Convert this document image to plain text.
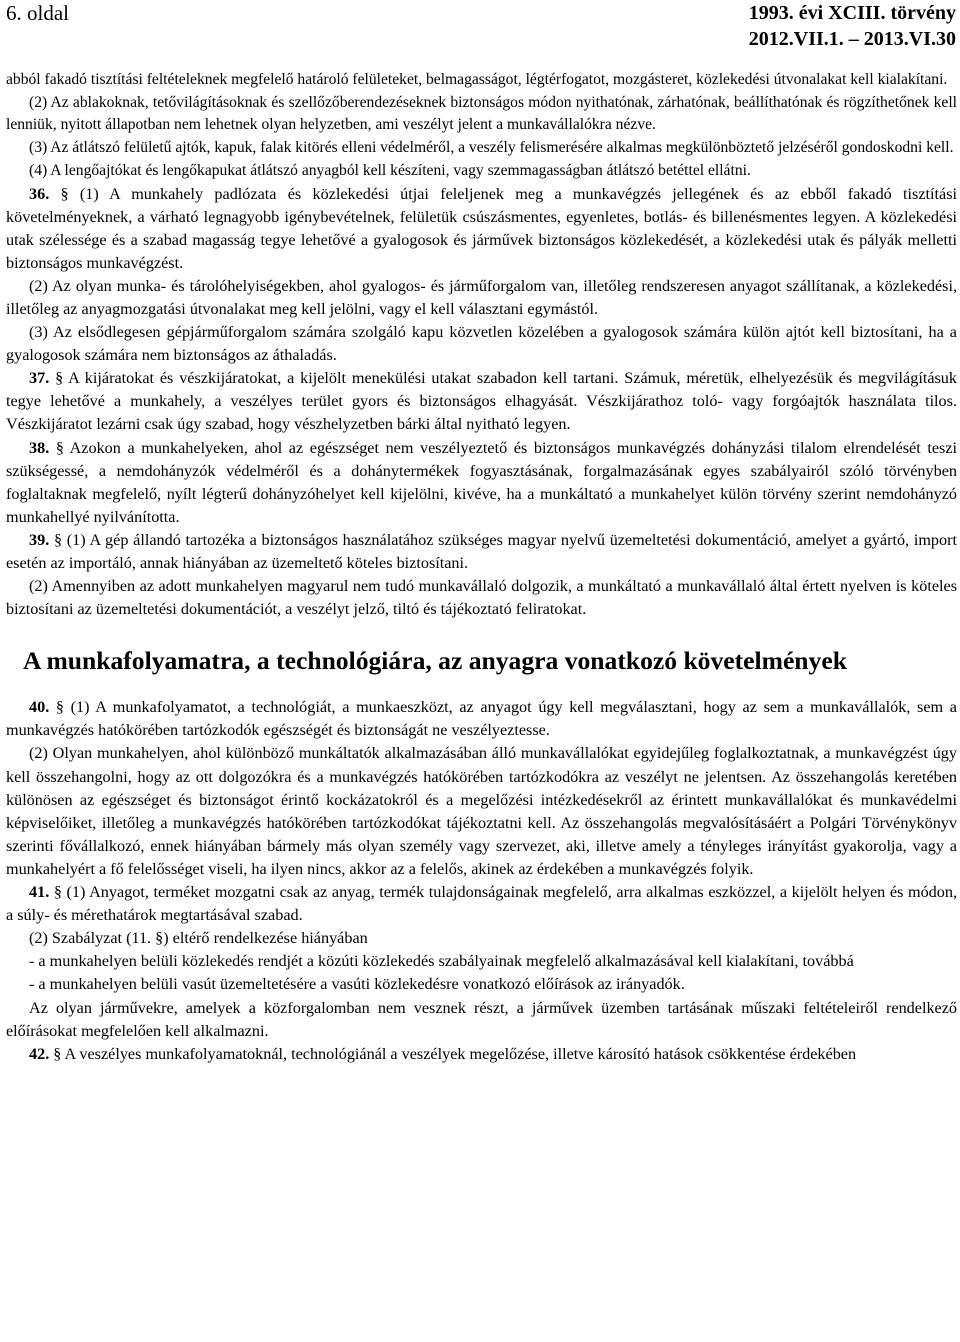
6. oldal	1993. évi XCIII. törvény
2012.VII.1. – 2013.VI.30

abból fakadó tisztítási feltételeknek megfelelő határoló felületeket, belmagasságot, légtérfogatot, mozgásteret, közlekedési útvonalakat kell kialakítani.

(2) Az ablakoknak, tetővilágításoknak és szellőzőberendezéseknek biztonságos módon nyithatónak, zárhatónak, beállíthatónak és rögzíthetőnek kell lenniük, nyitott állapotban nem lehetnek olyan helyzetben, ami veszélyt jelent a munkavállalókra nézve.

(3) Az átlátszó felületű ajtók, kapuk, falak kitörés elleni védelméről, a veszély felismerésére alkalmas megkülönböztető jelzéséről gondoskodni kell.

(4) A lengőajtókat és lengőkapukat átlátszó anyagból kell készíteni, vagy szemmagasságban átlátszó betéttel ellátni.

36. § (1) A munkahely padlózata és közlekedési útjai feleljenek meg a munkavégzés jellegének és az ebből fakadó tisztítási követelményeknek, a várható legnagyobb igénybevételnek, felületük csúszásmentes, egyenletes, botlás- és billenésmentes legyen. A közlekedési utak szélessége és a szabad magasság tegye lehetővé a gyalogosok és járművek biztonságos közlekedését, a közlekedési utak és pályák melletti biztonságos munkavégzést.

(2) Az olyan munka- és tárolóhelyiségekben, ahol gyalogos- és járműforgalom van, illetőleg rendszeresen anyagot szállítanak, a közlekedési, illetőleg az anyagmozgatási útvonalakat meg kell jelölni, vagy el kell választani egymástól.

(3) Az elsődlegesen gépjárműforgalom számára szolgáló kapu közvetlen közelében a gyalogosok számára külön ajtót kell biztosítani, ha a gyalogosok számára nem biztonságos az áthaladás.

37. § A kijáratokat és vészkijáratokat, a kijelölt menekülési utakat szabadon kell tartani. Számuk, méretük, elhelyezésük és megvilágításuk tegye lehetővé a munkahely, a veszélyes terület gyors és biztonságos elhagyását. Vészkijárathoz toló- vagy forgóajtók használata tilos. Vészkijáratot lezárni csak úgy szabad, hogy vészhelyzetben bárki által nyitható legyen.

38. § Azokon a munkahelyeken, ahol az egészséget nem veszélyeztető és biztonságos munkavégzés dohányzási tilalom elrendelését teszi szükségessé, a nemdohányzók védelméről és a dohánytermékek fogyasztásának, forgalmazásának egyes szabályairól szóló törvényben foglaltaknak megfelelő, nyílt légterű dohányzóhelyet kell kijelölni, kivéve, ha a munkáltató a munkahelyet külön törvény szerint nemdohányzó munkahellyé nyilvánította.

39. § (1) A gép állandó tartozéka a biztonságos használatához szükséges magyar nyelvű üzemeltetési dokumentáció, amelyet a gyártó, import esetén az importáló, annak hiányában az üzemeltető köteles biztosítani.

(2) Amennyiben az adott munkahelyen magyarul nem tudó munkavállaló dolgozik, a munkáltató a munkavállaló által értett nyelven is köteles biztosítani az üzemeltetési dokumentációt, a veszélyt jelző, tiltó és tájékoztató feliratokat.

A munkafolyamatra, a technológiára, az anyagra vonatkozó követelmények

40. § (1) A munkafolyamatot, a technológiát, a munkaeszközt, az anyagot úgy kell megválasztani, hogy az sem a munkavállalók, sem a munkavégzés hatókörében tartózkodók egészségét és biztonságát ne veszélyeztesse.

(2) Olyan munkahelyen, ahol különböző munkáltatók alkalmazásában álló munkavállalókat egyidejűleg foglalkoztatnak, a munkavégzést úgy kell összehangolni, hogy az ott dolgozókra és a munkavégzés hatókörében tartózkodókra az veszélyt ne jelentsen. Az összehangolás keretében különösen az egészséget és biztonságot érintő kockázatokról és a megelőzési intézkedésekről az érintett munkavállalókat és munkavédelmi képviselőiket, illetőleg a munkavégzés hatókörében tartózkodókat tájékoztatni kell. Az összehangolás megvalósításáért a Polgári Törvénykönyv szerinti fővállalkozó, ennek hiányában bármely más olyan személy vagy szervezet, aki, illetve amely a tényleges irányítást gyakorolja, vagy a munkahelyért a fő felelősséget viseli, ha ilyen nincs, akkor az a felelős, akinek az érdekében a munkavégzés folyik.

41. § (1) Anyagot, terméket mozgatni csak az anyag, termék tulajdonságainak megfelelő, arra alkalmas eszközzel, a kijelölt helyen és módon, a súly- és mérethatárok megtartásával szabad.

(2) Szabályzat (11. §) eltérő rendelkezése hiányában

- a munkahelyen belüli közlekedés rendjét a közúti közlekedés szabályainak megfelelő alkalmazásával kell kialakítani, továbbá

- a munkahelyen belüli vasút üzemeltetésére a vasúti közlekedésre vonatkozó előírások az irányadók.

Az olyan járművekre, amelyek a közforgalomban nem vesznek részt, a járművek üzemben tartásának műszaki feltételeiről rendelkező előírásokat megfelelően kell alkalmazni.

42. § A veszélyes munkafolyamatoknál, technológiánál a veszélyek megelőzése, illetve károsító hatások csökkentése érdekében
